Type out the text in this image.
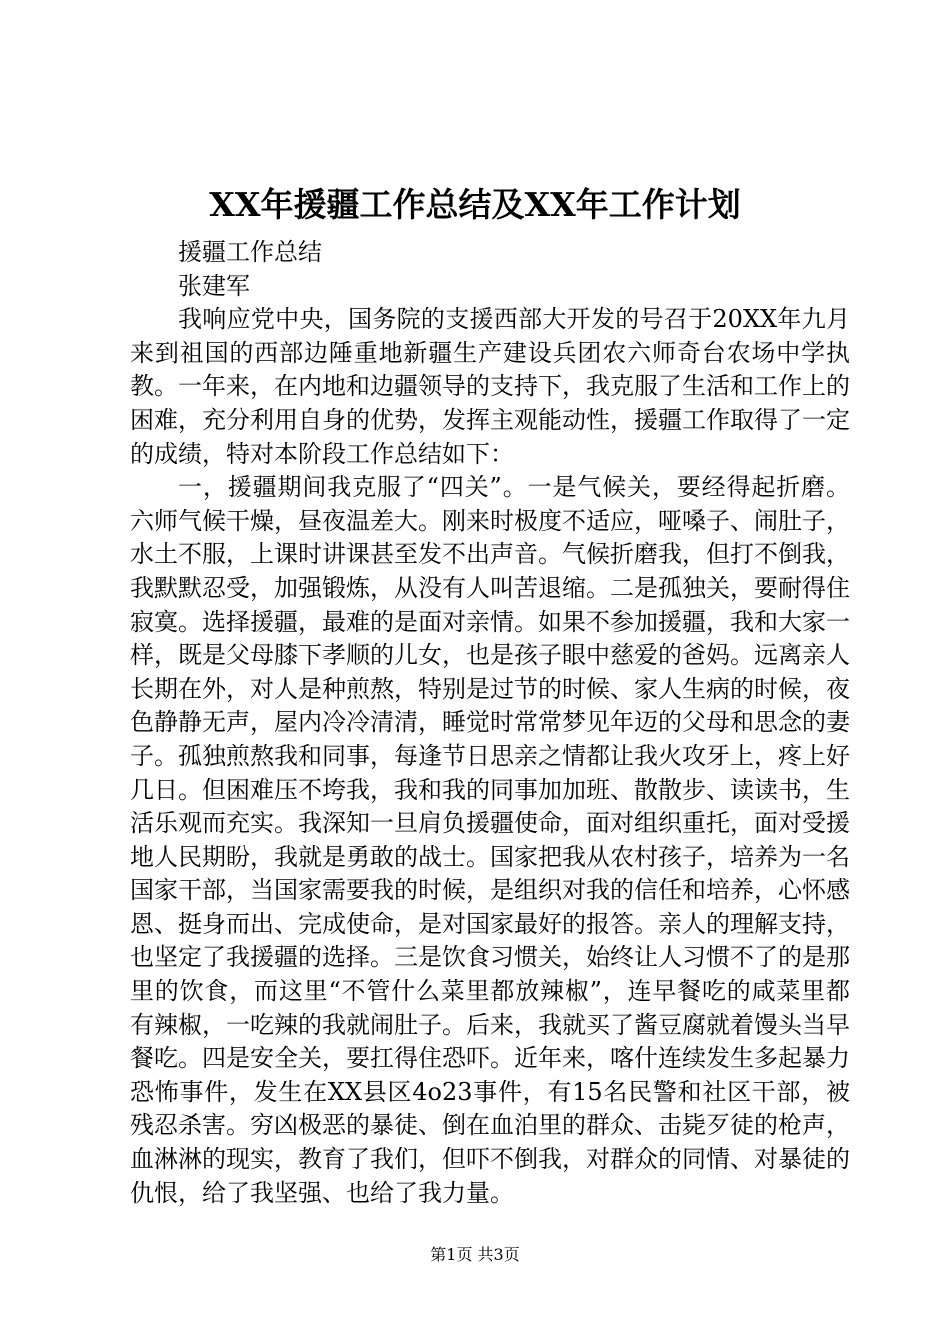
XX年援疆工作总结及XX年工作计划

援疆工作总结

张建军

我响应党中央，国务院的支援西部大开发的号召于20XX年九月来到祖国的西部边陲重地新疆生产建设兵团农六师奇台农场中学执教。一年来，在内地和边疆领导的支持下，我克服了生活和工作上的困难，充分利用自身的优势，发挥主观能动性，援疆工作取得了一定的成绩，特对本阶段工作总结如下：

一，援疆期间我克服了“四关”。一是气候关，要经得起折磨。六师气候干燥，昼夜温差大。刚来时极度不适应，哑嗓子、闹肚子，水土不服，上课时讲课甚至发不出声音。气候折磨我，但打不倒我，我默默忍受，加强锻炼，从没有人叫苦退缩。二是孤独关，要耐得住寂寞。选择援疆，最难的是面对亲情。如果不参加援疆，我和大家一样，既是父母膝下孝顺的儿女，也是孩子眼中慈爱的爸妈。远离亲人长期在外，对人是种煎熬，特别是过节的时候、家人生病的时候，夜色静静无声，屋内冷冷清清，睡觉时常常梦见年迈的父母和思念的妻子。孤独煎熬我和同事，每逢节日思亲之情都让我火攻牙上，疼上好几日。但困难压不垮我，我和我的同事加加班、散散步、读读书，生活乐观而充实。我深知一旦肩负援疆使命，面对组织重托，面对受援地人民期盼，我就是勇敢的战士。国家把我从农村孩子，培养为一名国家干部，当国家需要我的时候，是组织对我的信任和培养，心怀感恩、挺身而出、完成使命，是对国家最好的报答。亲人的理解支持，也坚定了我援疆的选择。三是饮食习惯关，始终让人习惯不了的是那里的饮食，而这里“不管什么菜里都放辣椒”，连早餐吃的咸菜里都有辣椒，一吃辣的我就闹肚子。后来，我就买了酱豆腐就着馒头当早餐吃。四是安全关，要扛得住恐吓。近年来，喀什连续发生多起暴力恐怖事件，发生在XX县区4o23事件，有15名民警和社区干部，被残忍杀害。穷凶极恶的暴徒、倒在血泊里的群众、击毙歹徒的枪声，血淋淋的现实，教育了我们，但吓不倒我，对群众的同情、对暴徒的仇恨，给了我坚强、也给了我力量。

第1页 共3页
